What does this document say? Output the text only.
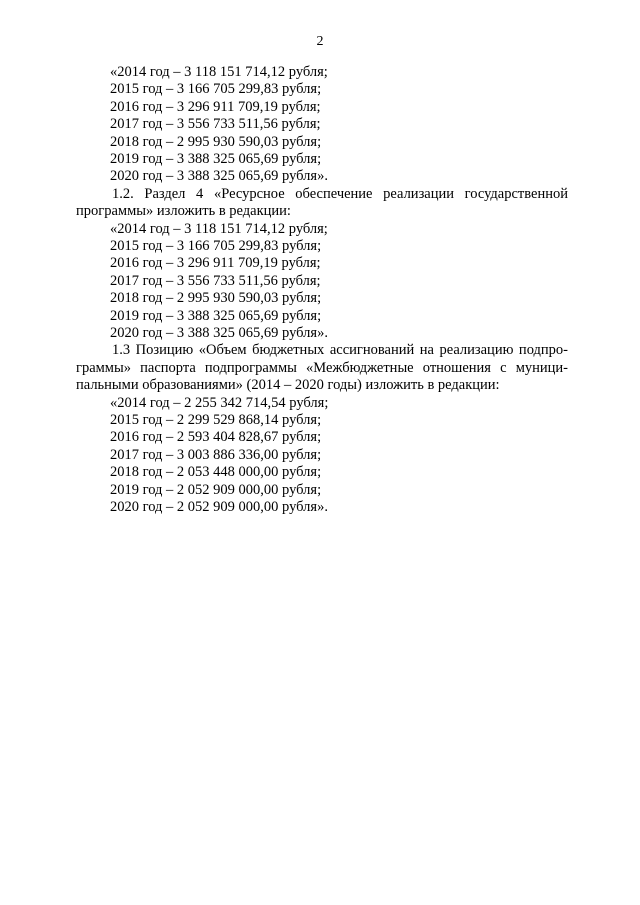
2
«2014 год – 3 118 151 714,12 рубля;
2015 год – 3 166 705 299,83 рубля;
2016 год – 3 296 911 709,19 рубля;
2017 год – 3 556 733 511,56 рубля;
2018 год – 2 995 930 590,03 рубля;
2019 год – 3 388 325 065,69 рубля;
2020 год – 3 388 325 065,69 рубля».
1.2. Раздел 4 «Ресурсное обеспечение реализации государственной программы» изложить в редакции:
«2014 год – 3 118 151 714,12 рубля;
2015 год – 3 166 705 299,83 рубля;
2016 год – 3 296 911 709,19 рубля;
2017 год – 3 556 733 511,56 рубля;
2018 год – 2 995 930 590,03 рубля;
2019 год – 3 388 325 065,69 рубля;
2020 год – 3 388 325 065,69 рубля».
1.3 Позицию «Объем бюджетных ассигнований на реализацию подпро-граммы» паспорта подпрограммы «Межбюджетные отношения с муници-пальными образованиями» (2014 – 2020 годы) изложить в редакции:
«2014 год – 2 255 342 714,54 рубля;
2015 год – 2 299 529 868,14 рубля;
2016 год – 2 593 404 828,67 рубля;
2017 год – 3 003 886 336,00 рубля;
2018 год – 2 053 448 000,00 рубля;
2019 год – 2 052 909 000,00 рубля;
2020 год – 2 052 909 000,00 рубля».
